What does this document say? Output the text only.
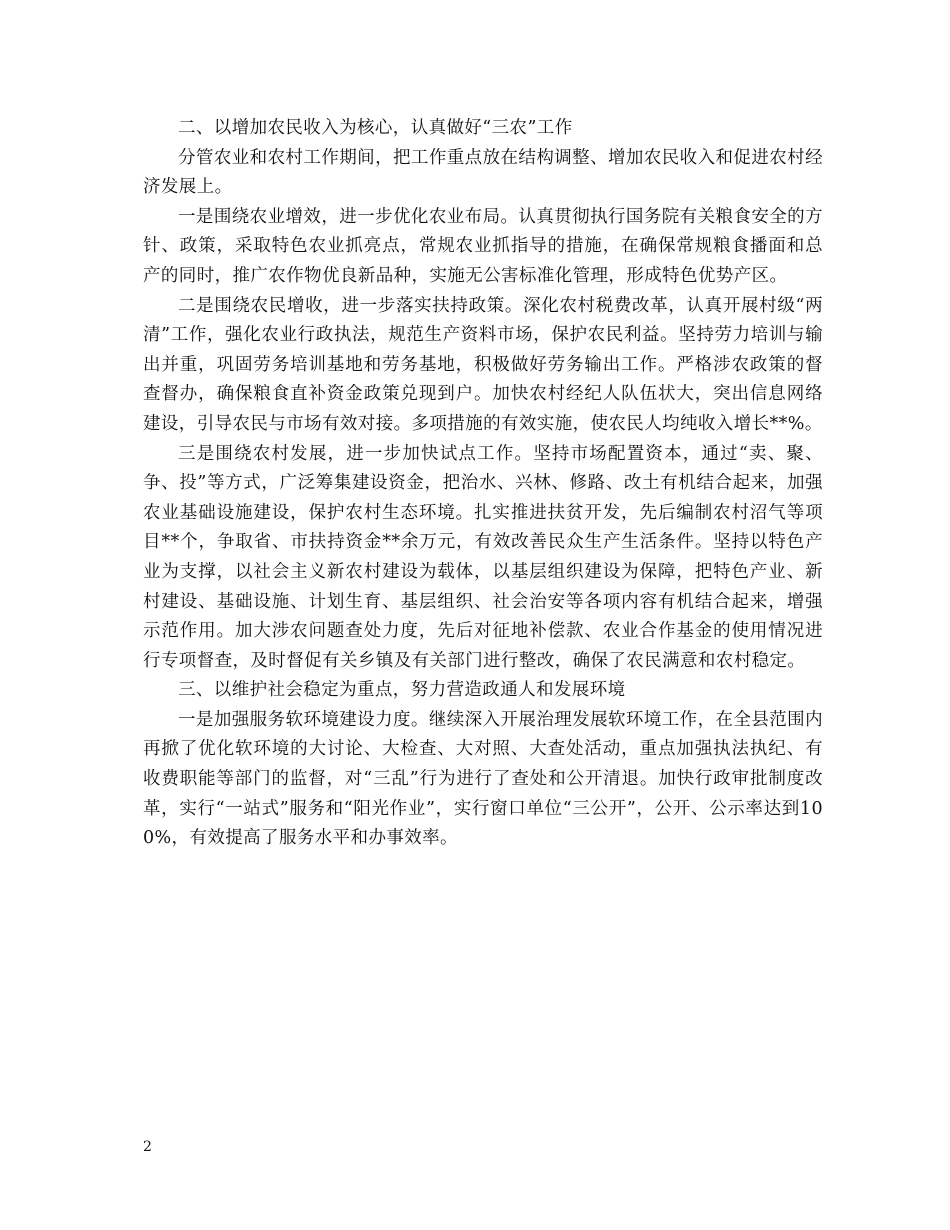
二、以增加农民收入为核心，认真做好“三农”工作

分管农业和农村工作期间，把工作重点放在结构调整、增加农民收入和促进农村经济发展上。

一是围绕农业增效，进一步优化农业布局。认真贯彻执行国务院有关粮食安全的方针、政策，采取特色农业抓亮点，常规农业抓指导的措施，在确保常规粮食播面和总产的同时，推广农作物优良新品种，实施无公害标准化管理，形成特色优势产区。

二是围绕农民增收，进一步落实扶持政策。深化农村税费改革，认真开展村级“两清”工作，强化农业行政执法，规范生产资料市场，保护农民利益。坚持劳力培训与输出并重，巩固劳务培训基地和劳务基地，积极做好劳务输出工作。严格涉农政策的督查督办，确保粮食直补资金政策兑现到户。加快农村经纪人队伍状大，突出信息网络建设，引导农民与市场有效对接。多项措施的有效实施，使农民人均纯收入增长**%。

三是围绕农村发展，进一步加快试点工作。坚持市场配置资本，通过“卖、聚、争、投”等方式，广泛筹集建设资金，把治水、兴林、修路、改土有机结合起来，加强农业基础设施建设，保护农村生态环境。扎实推进扶贫开发，先后编制农村沼气等项目**个，争取省、市扶持资金**余万元，有效改善民众生产生活条件。坚持以特色产业为支撑，以社会主义新农村建设为载体，以基层组织建设为保障，把特色产业、新村建设、基础设施、计划生育、基层组织、社会治安等各项内容有机结合起来，增强示范作用。加大涉农问题查处力度，先后对征地补偿款、农业合作基金的使用情况进行专项督查，及时督促有关乡镇及有关部门进行整改，确保了农民满意和农村稳定。

三、以维护社会稳定为重点，努力营造政通人和发展环境

一是加强服务软环境建设力度。继续深入开展治理发展软环境工作，在全县范围内再掀了优化软环境的大讨论、大检查、大对照、大查处活动，重点加强执法执纪、有收费职能等部门的监督，对“三乱”行为进行了查处和公开清退。加快行政审批制度改革，实行“一站式”服务和“阳光作业”，实行窗口单位“三公开”，公开、公示率达到100%，有效提高了服务水平和办事效率。

2
